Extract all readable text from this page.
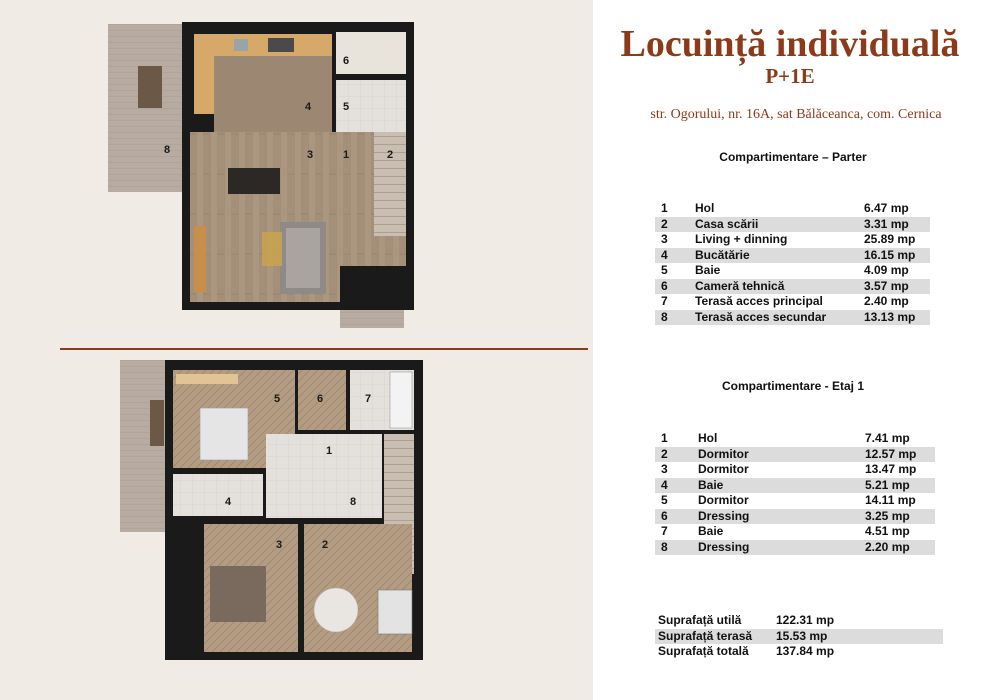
3	1	2
4	5
6
7
8
1
2
3
4
5	6	7
8
Locuință individuală
P+1E
str. Ogorului, nr. 16A, sat Bălăceanca, com. Cernica
Compartimentare – Parter
1	Hol	6.47 mp
2	Casa scării	3.31 mp
3	Living + dinning	25.89 mp
4	Bucătărie	16.15 mp
5	Baie	4.09 mp
6	Cameră tehnică	3.57 mp
7	Terasă acces principal	2.40 mp
8	Terasă acces secundar	13.13 mp
Compartimentare - Etaj 1
1	Hol	7.41 mp
2	Dormitor	12.57 mp
3	Dormitor	13.47 mp
4	Baie	5.21 mp
5	Dormitor	14.11 mp
6	Dressing	3.25 mp
7	Baie	4.51 mp
8	Dressing	2.20 mp
Suprafață utilă	122.31 mp
Suprafață terasă	15.53 mp
Suprafață totală	137.84 mp
